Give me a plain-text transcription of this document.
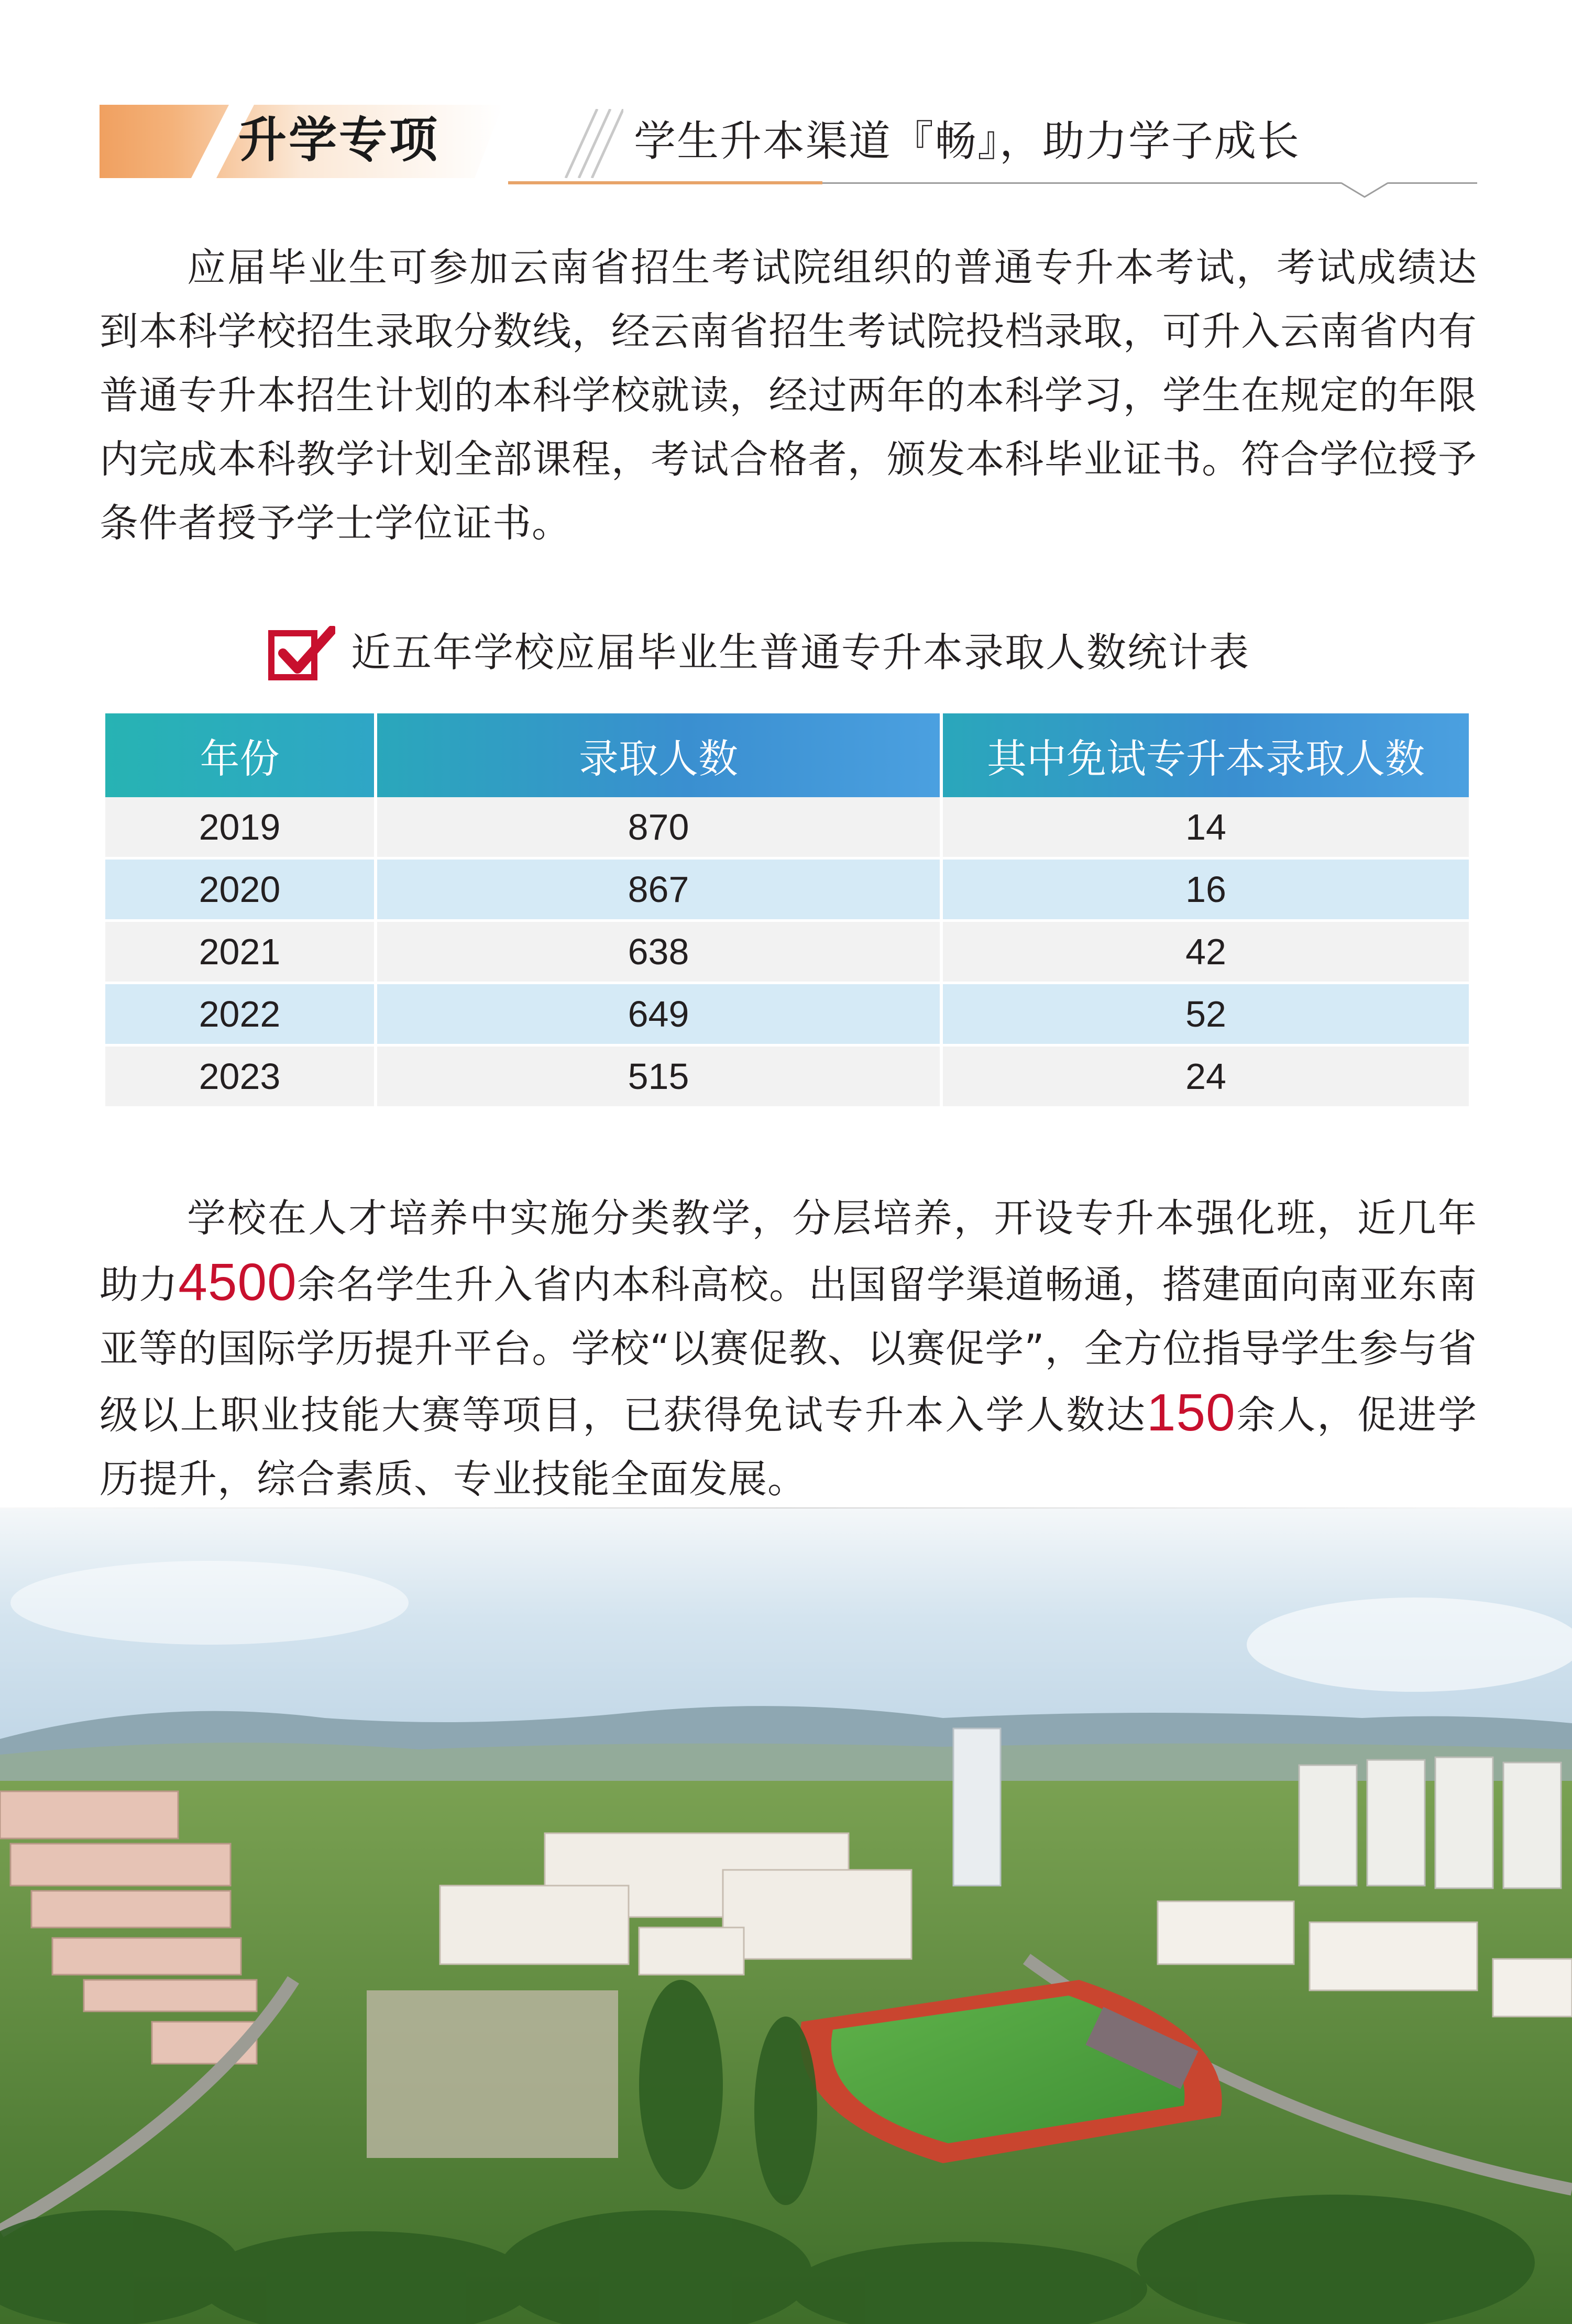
升学专项	学生升本渠道『畅』，助力学子成长
应届毕业生可参加云南省招生考试院组织的普通专升本考试，考试成绩达到本科学校招生录取分数线，经云南省招生考试院投档录取，可升入云南省内有普通专升本招生计划的本科学校就读，经过两年的本科学习，学生在规定的年限内完成本科教学计划全部课程，考试合格者，颁发本科毕业证书。符合学位授予条件者授予学士学位证书。
近五年学校应届毕业生普通专升本录取人数统计表
年份	录取人数	其中免试专升本录取人数
2019	870	14
2020	867	16
2021	638	42
2022	649	52
2023	515	24
学校在人才培养中实施分类教学，分层培养，开设专升本强化班，近几年助力4500余名学生升入省内本科高校。出国留学渠道畅通，搭建面向南亚东南亚等的国际学历提升平台。学校“以赛促教、以赛促学”，全方位指导学生参与省级以上职业技能大赛等项目，已获得免试专升本入学人数达150余人，促进学历提升，综合素质、专业技能全面发展。
